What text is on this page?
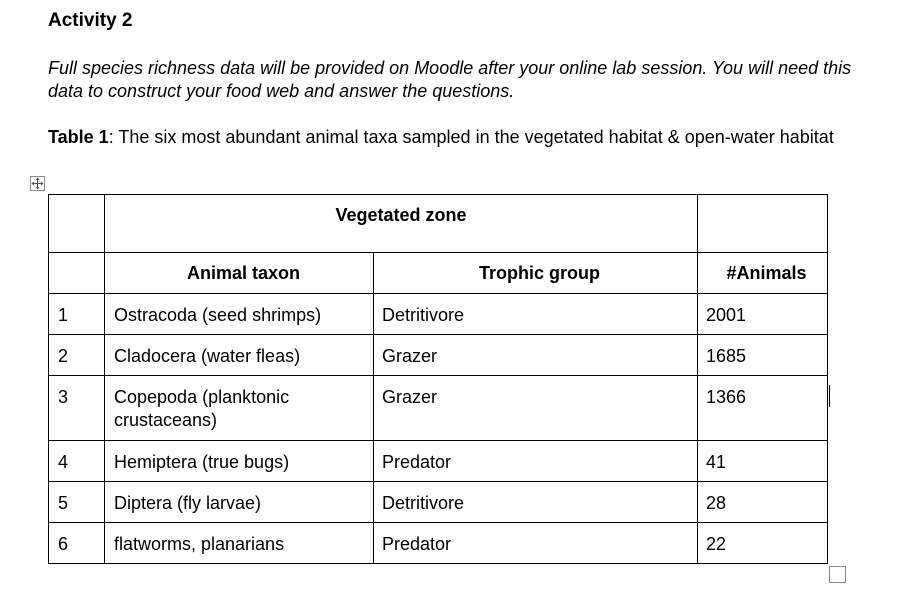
Activity 2

Full species richness data will be provided on Moodle after your online lab session. You will need this data to construct your food web and answer the questions.

Table 1: The six most abundant animal taxa sampled in the vegetated habitat & open-water habitat

	Vegetated zone		
	Animal taxon	Trophic group	#Animals
1	Ostracoda (seed shrimps)	Detritivore	2001
2	Cladocera (water fleas)	Grazer	1685
3	Copepoda (planktonic crustaceans)	Grazer	1366
4	Hemiptera (true bugs)	Predator	41
5	Diptera (fly larvae)	Detritivore	28
6	flatworms, planarians	Predator	22
